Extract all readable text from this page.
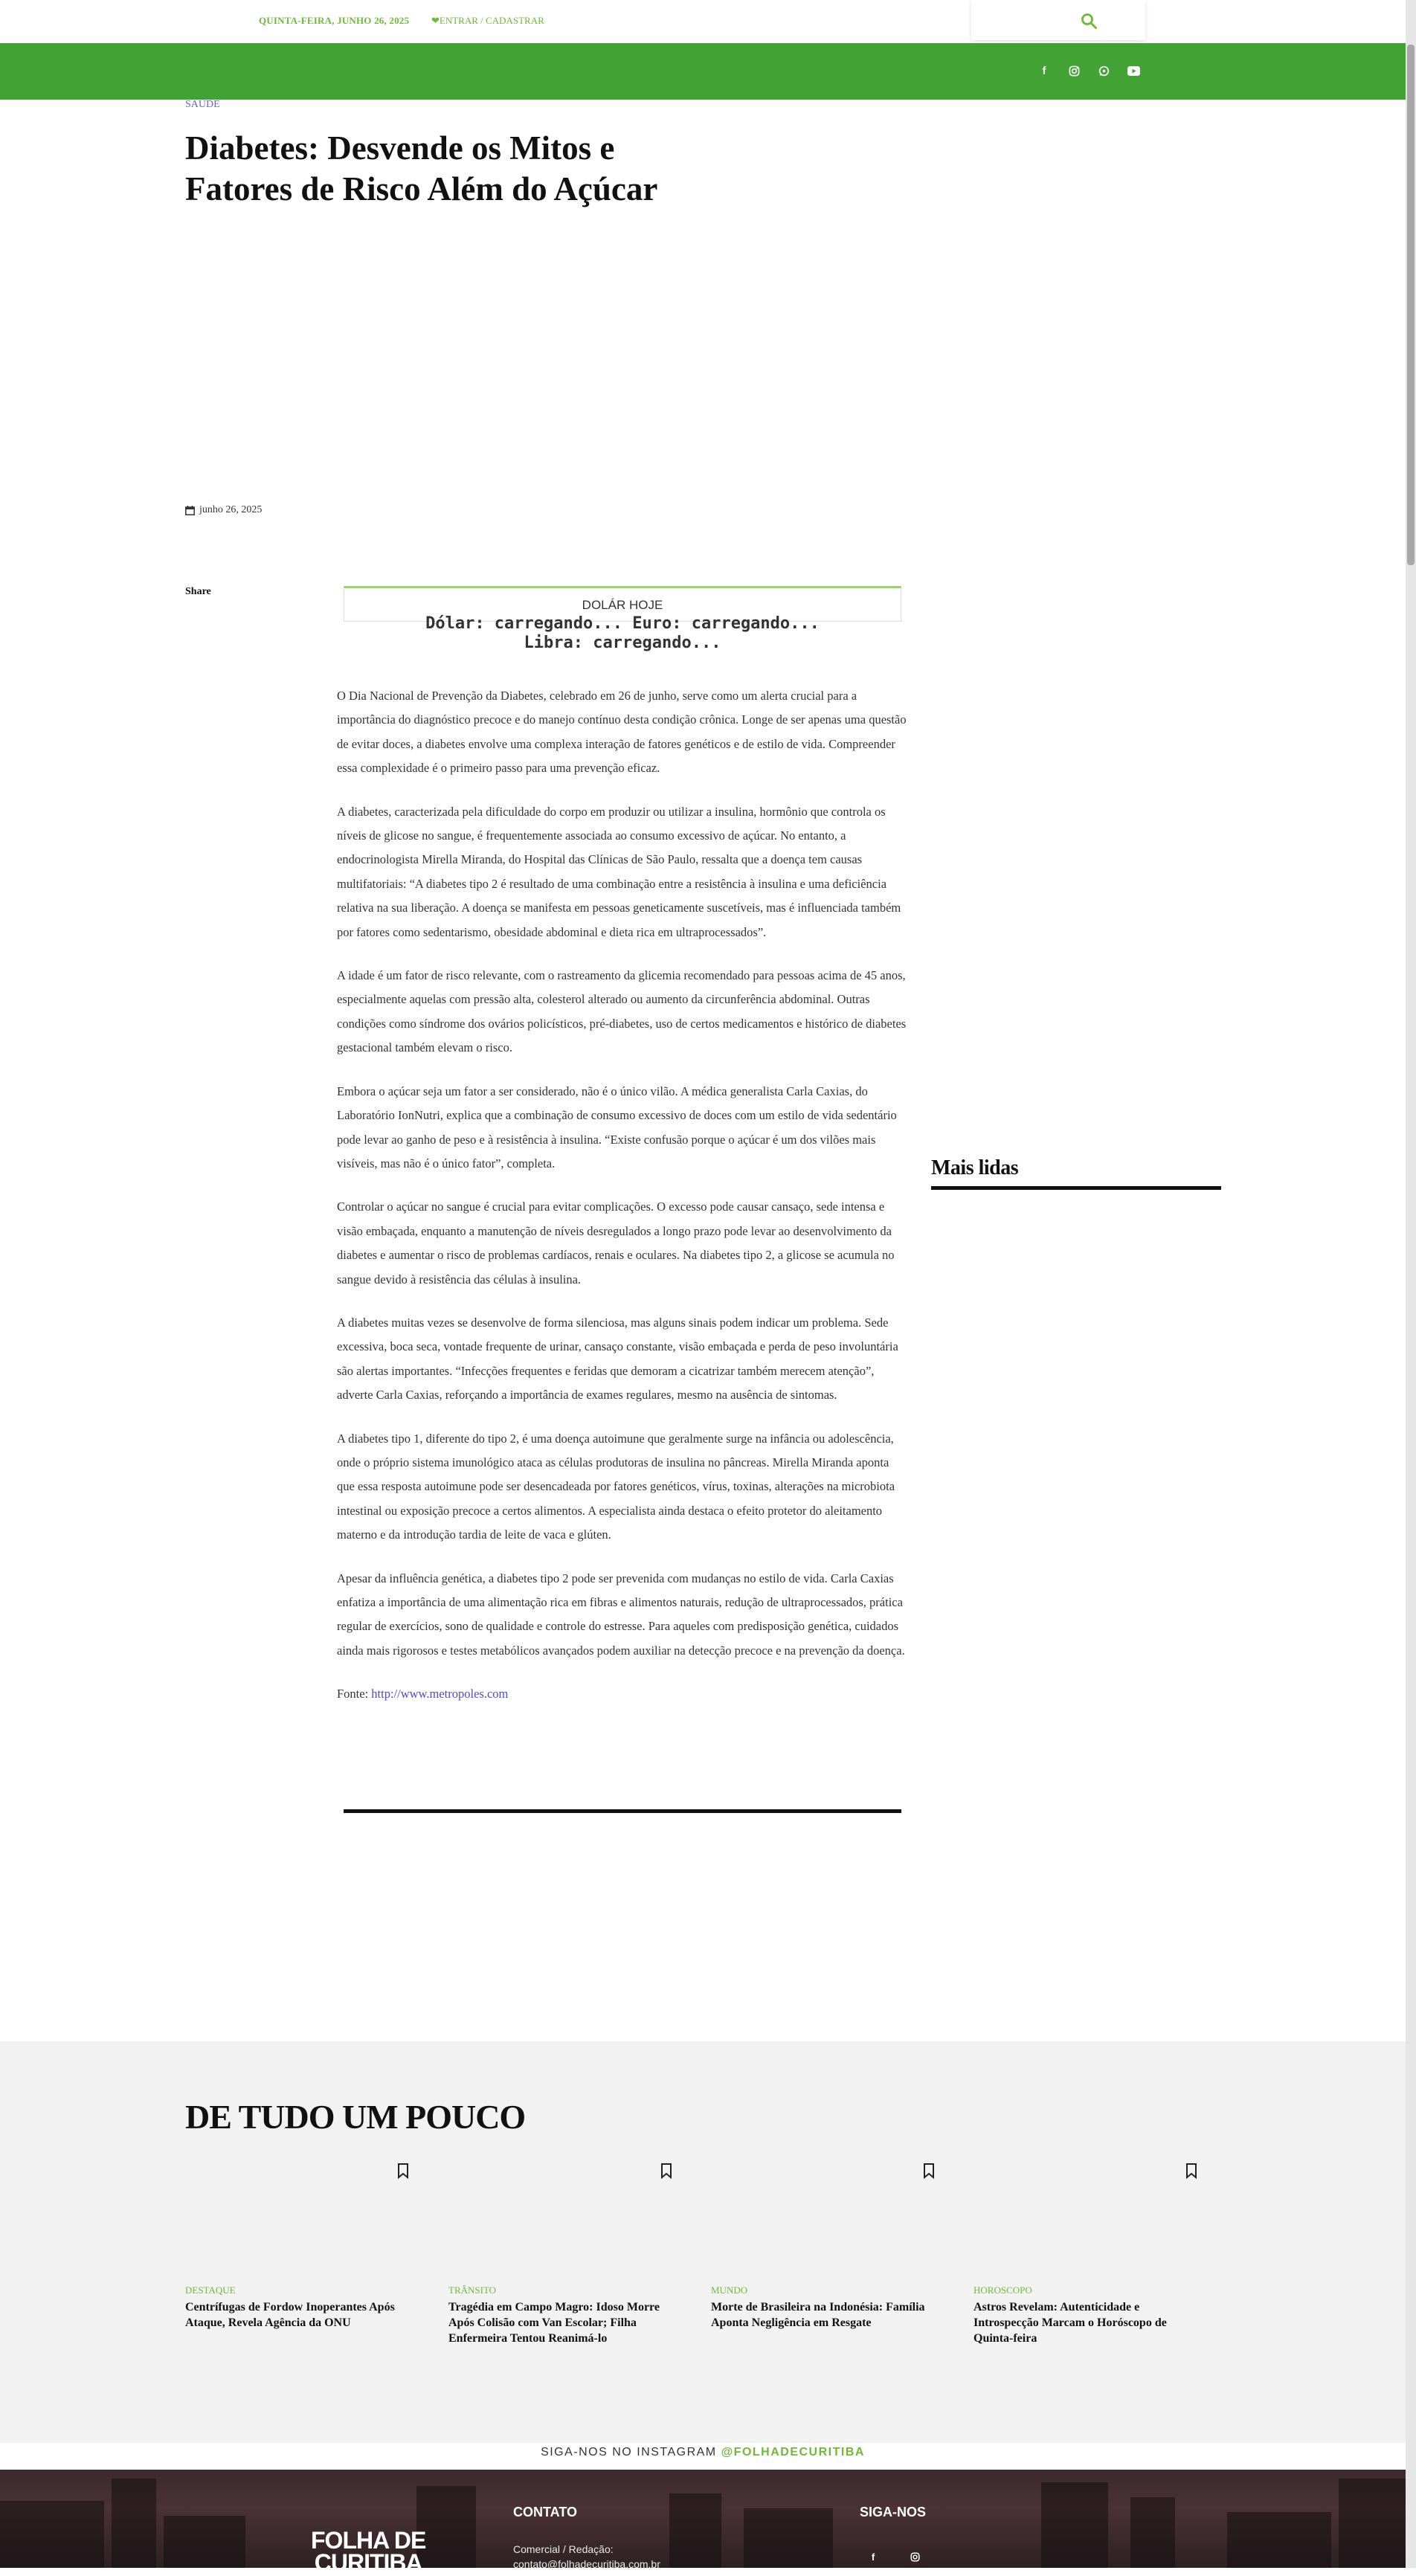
QUINTA-FEIRA, JUNHO 26, 2025 ❤ENTRAR / CADASTRAR
f
SAÚDE
Diabetes: Desvende os Mitos e Fatores de Risco Além do Açúcar
junho 26, 2025
Share
DOLÁR HOJE
Dólar: carregando... Euro: carregando...
Libra: carregando...

O Dia Nacional de Prevenção da Diabetes, celebrado em 26 de junho, serve como um alerta crucial para a importância do diagnóstico precoce e do manejo contínuo desta condição crônica. Longe de ser apenas uma questão de evitar doces, a diabetes envolve uma complexa interação de fatores genéticos e de estilo de vida. Compreender essa complexidade é o primeiro passo para uma prevenção eficaz.

A diabetes, caracterizada pela dificuldade do corpo em produzir ou utilizar a insulina, hormônio que controla os níveis de glicose no sangue, é frequentemente associada ao consumo excessivo de açúcar. No entanto, a endocrinologista Mirella Miranda, do Hospital das Clínicas de São Paulo, ressalta que a doença tem causas multifatoriais: “A diabetes tipo 2 é resultado de uma combinação entre a resistência à insulina e uma deficiência relativa na sua liberação. A doença se manifesta em pessoas geneticamente suscetíveis, mas é influenciada também por fatores como sedentarismo, obesidade abdominal e dieta rica em ultraprocessados”.

A idade é um fator de risco relevante, com o rastreamento da glicemia recomendado para pessoas acima de 45 anos, especialmente aquelas com pressão alta, colesterol alterado ou aumento da circunferência abdominal. Outras condições como síndrome dos ovários policísticos, pré-diabetes, uso de certos medicamentos e histórico de diabetes gestacional também elevam o risco.

Embora o açúcar seja um fator a ser considerado, não é o único vilão. A médica generalista Carla Caxias, do Laboratório IonNutri, explica que a combinação de consumo excessivo de doces com um estilo de vida sedentário pode levar ao ganho de peso e à resistência à insulina. “Existe confusão porque o açúcar é um dos vilões mais visíveis, mas não é o único fator”, completa.

Controlar o açúcar no sangue é crucial para evitar complicações. O excesso pode causar cansaço, sede intensa e visão embaçada, enquanto a manutenção de níveis desregulados a longo prazo pode levar ao desenvolvimento da diabetes e aumentar o risco de problemas cardíacos, renais e oculares. Na diabetes tipo 2, a glicose se acumula no sangue devido à resistência das células à insulina.

A diabetes muitas vezes se desenvolve de forma silenciosa, mas alguns sinais podem indicar um problema. Sede excessiva, boca seca, vontade frequente de urinar, cansaço constante, visão embaçada e perda de peso involuntária são alertas importantes. “Infecções frequentes e feridas que demoram a cicatrizar também merecem atenção”, adverte Carla Caxias, reforçando a importância de exames regulares, mesmo na ausência de sintomas.

A diabetes tipo 1, diferente do tipo 2, é uma doença autoimune que geralmente surge na infância ou adolescência, onde o próprio sistema imunológico ataca as células produtoras de insulina no pâncreas. Mirella Miranda aponta que essa resposta autoimune pode ser desencadeada por fatores genéticos, vírus, toxinas, alterações na microbiota intestinal ou exposição precoce a certos alimentos. A especialista ainda destaca o efeito protetor do aleitamento materno e da introdução tardia de leite de vaca e glúten.

Apesar da influência genética, a diabetes tipo 2 pode ser prevenida com mudanças no estilo de vida. Carla Caxias enfatiza a importância de uma alimentação rica em fibras e alimentos naturais, redução de ultraprocessados, prática regular de exercícios, sono de qualidade e controle do estresse. Para aqueles com predisposição genética, cuidados ainda mais rigorosos e testes metabólicos avançados podem auxiliar na detecção precoce e na prevenção da doença.

Fonte: http://www.metropoles.com

Mais lidas
DE TUDO UM POUCO
DESTAQUE
Centrífugas de Fordow Inoperantes Após Ataque, Revela Agência da ONU
TRÂNSITO
Tragédia em Campo Magro: Idoso Morre Após Colisão com Van Escolar; Filha Enfermeira Tentou Reanimá-lo
MUNDO
Morte de Brasileira na Indonésia: Família Aponta Negligência em Resgate
HOROSCOPO
Astros Revelam: Autenticidade e Introspecção Marcam o Horóscopo de Quinta-feira
SIGA-NOS NO INSTAGRAM @FOLHADECURITIBA
FOLHA DE
CURITIBA
CONTATO
Comercial / Redação:
contato@folhadecuritiba.com.br
SIGA-NOS
f
